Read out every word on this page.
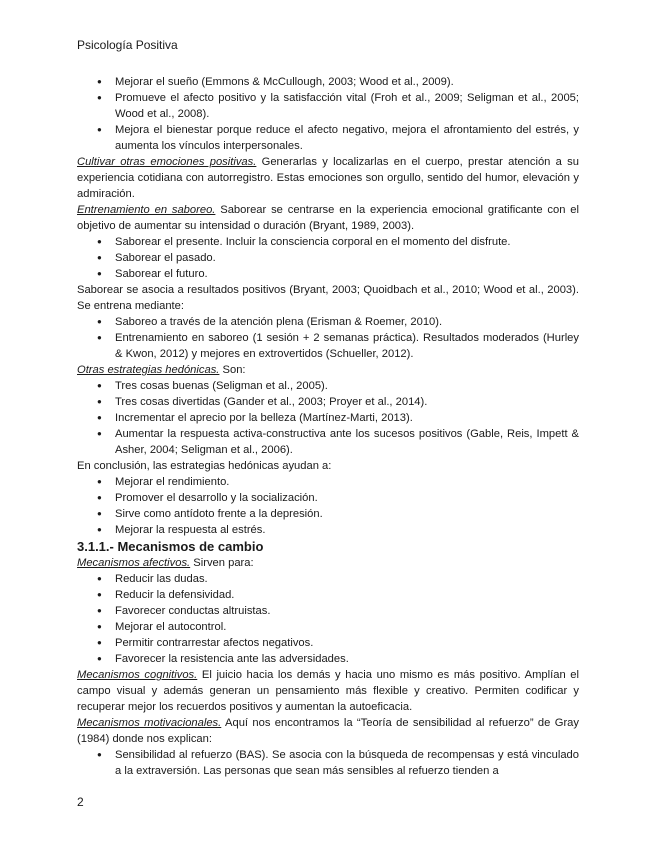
Psicología Positiva
● Mejorar el sueño (Emmons & McCullough, 2003; Wood et al., 2009).
● Promueve el afecto positivo y la satisfacción vital (Froh et al., 2009; Seligman et al., 2005; Wood et al., 2008).
● Mejora el bienestar porque reduce el afecto negativo, mejora el afrontamiento del estrés, y aumenta los vínculos interpersonales.

Cultivar otras emociones positivas. Generarlas y localizarlas en el cuerpo, prestar atención a su experiencia cotidiana con autorregistro. Estas emociones son orgullo, sentido del humor, elevación y admiración.

Entrenamiento en saboreo. Saborear se centrarse en la experiencia emocional gratificante con el objetivo de aumentar su intensidad o duración (Bryant, 1989, 2003).

● Saborear el presente. Incluir la consciencia corporal en el momento del disfrute.
● Saborear el pasado.
● Saborear el futuro.

Saborear se asocia a resultados positivos (Bryant, 2003; Quoidbach et al., 2010; Wood et al., 2003). Se entrena mediante:

● Saboreo a través de la atención plena (Erisman & Roemer, 2010).
● Entrenamiento en saboreo (1 sesión + 2 semanas práctica). Resultados moderados (Hurley & Kwon, 2012) y mejores en extrovertidos (Schueller, 2012).

Otras estrategias hedónicas. Son:

● Tres cosas buenas (Seligman et al., 2005).
● Tres cosas divertidas (Gander et al., 2003; Proyer et al., 2014).
● Incrementar el aprecio por la belleza (Martínez-Marti, 2013).
● Aumentar la respuesta activa-constructiva ante los sucesos positivos (Gable, Reis, Impett & Asher, 2004; Seligman et al., 2006).

En conclusión, las estrategias hedónicas ayudan a:

● Mejorar el rendimiento.
● Promover el desarrollo y la socialización.
● Sirve como antídoto frente a la depresión.
● Mejorar la respuesta al estrés.
3.1.1.- Mecanismos de cambio

Mecanismos afectivos. Sirven para:

● Reducir las dudas.
● Reducir la defensividad.
● Favorecer conductas altruistas.
● Mejorar el autocontrol.
● Permitir contrarrestar afectos negativos.
● Favorecer la resistencia ante las adversidades.

Mecanismos cognitivos. El juicio hacia los demás y hacia uno mismo es más positivo. Amplían el campo visual y además generan un pensamiento más flexible y creativo. Permiten codificar y recuperar mejor los recuerdos positivos y aumentan la autoeficacia.

Mecanismos motivacionales. Aquí nos encontramos la “Teoría de sensibilidad al refuerzo” de Gray (1984) donde nos explican:

● Sensibilidad al refuerzo (BAS). Se asocia con la búsqueda de recompensas y está vinculado a la extraversión. Las personas que sean más sensibles al refuerzo tienden a
2
